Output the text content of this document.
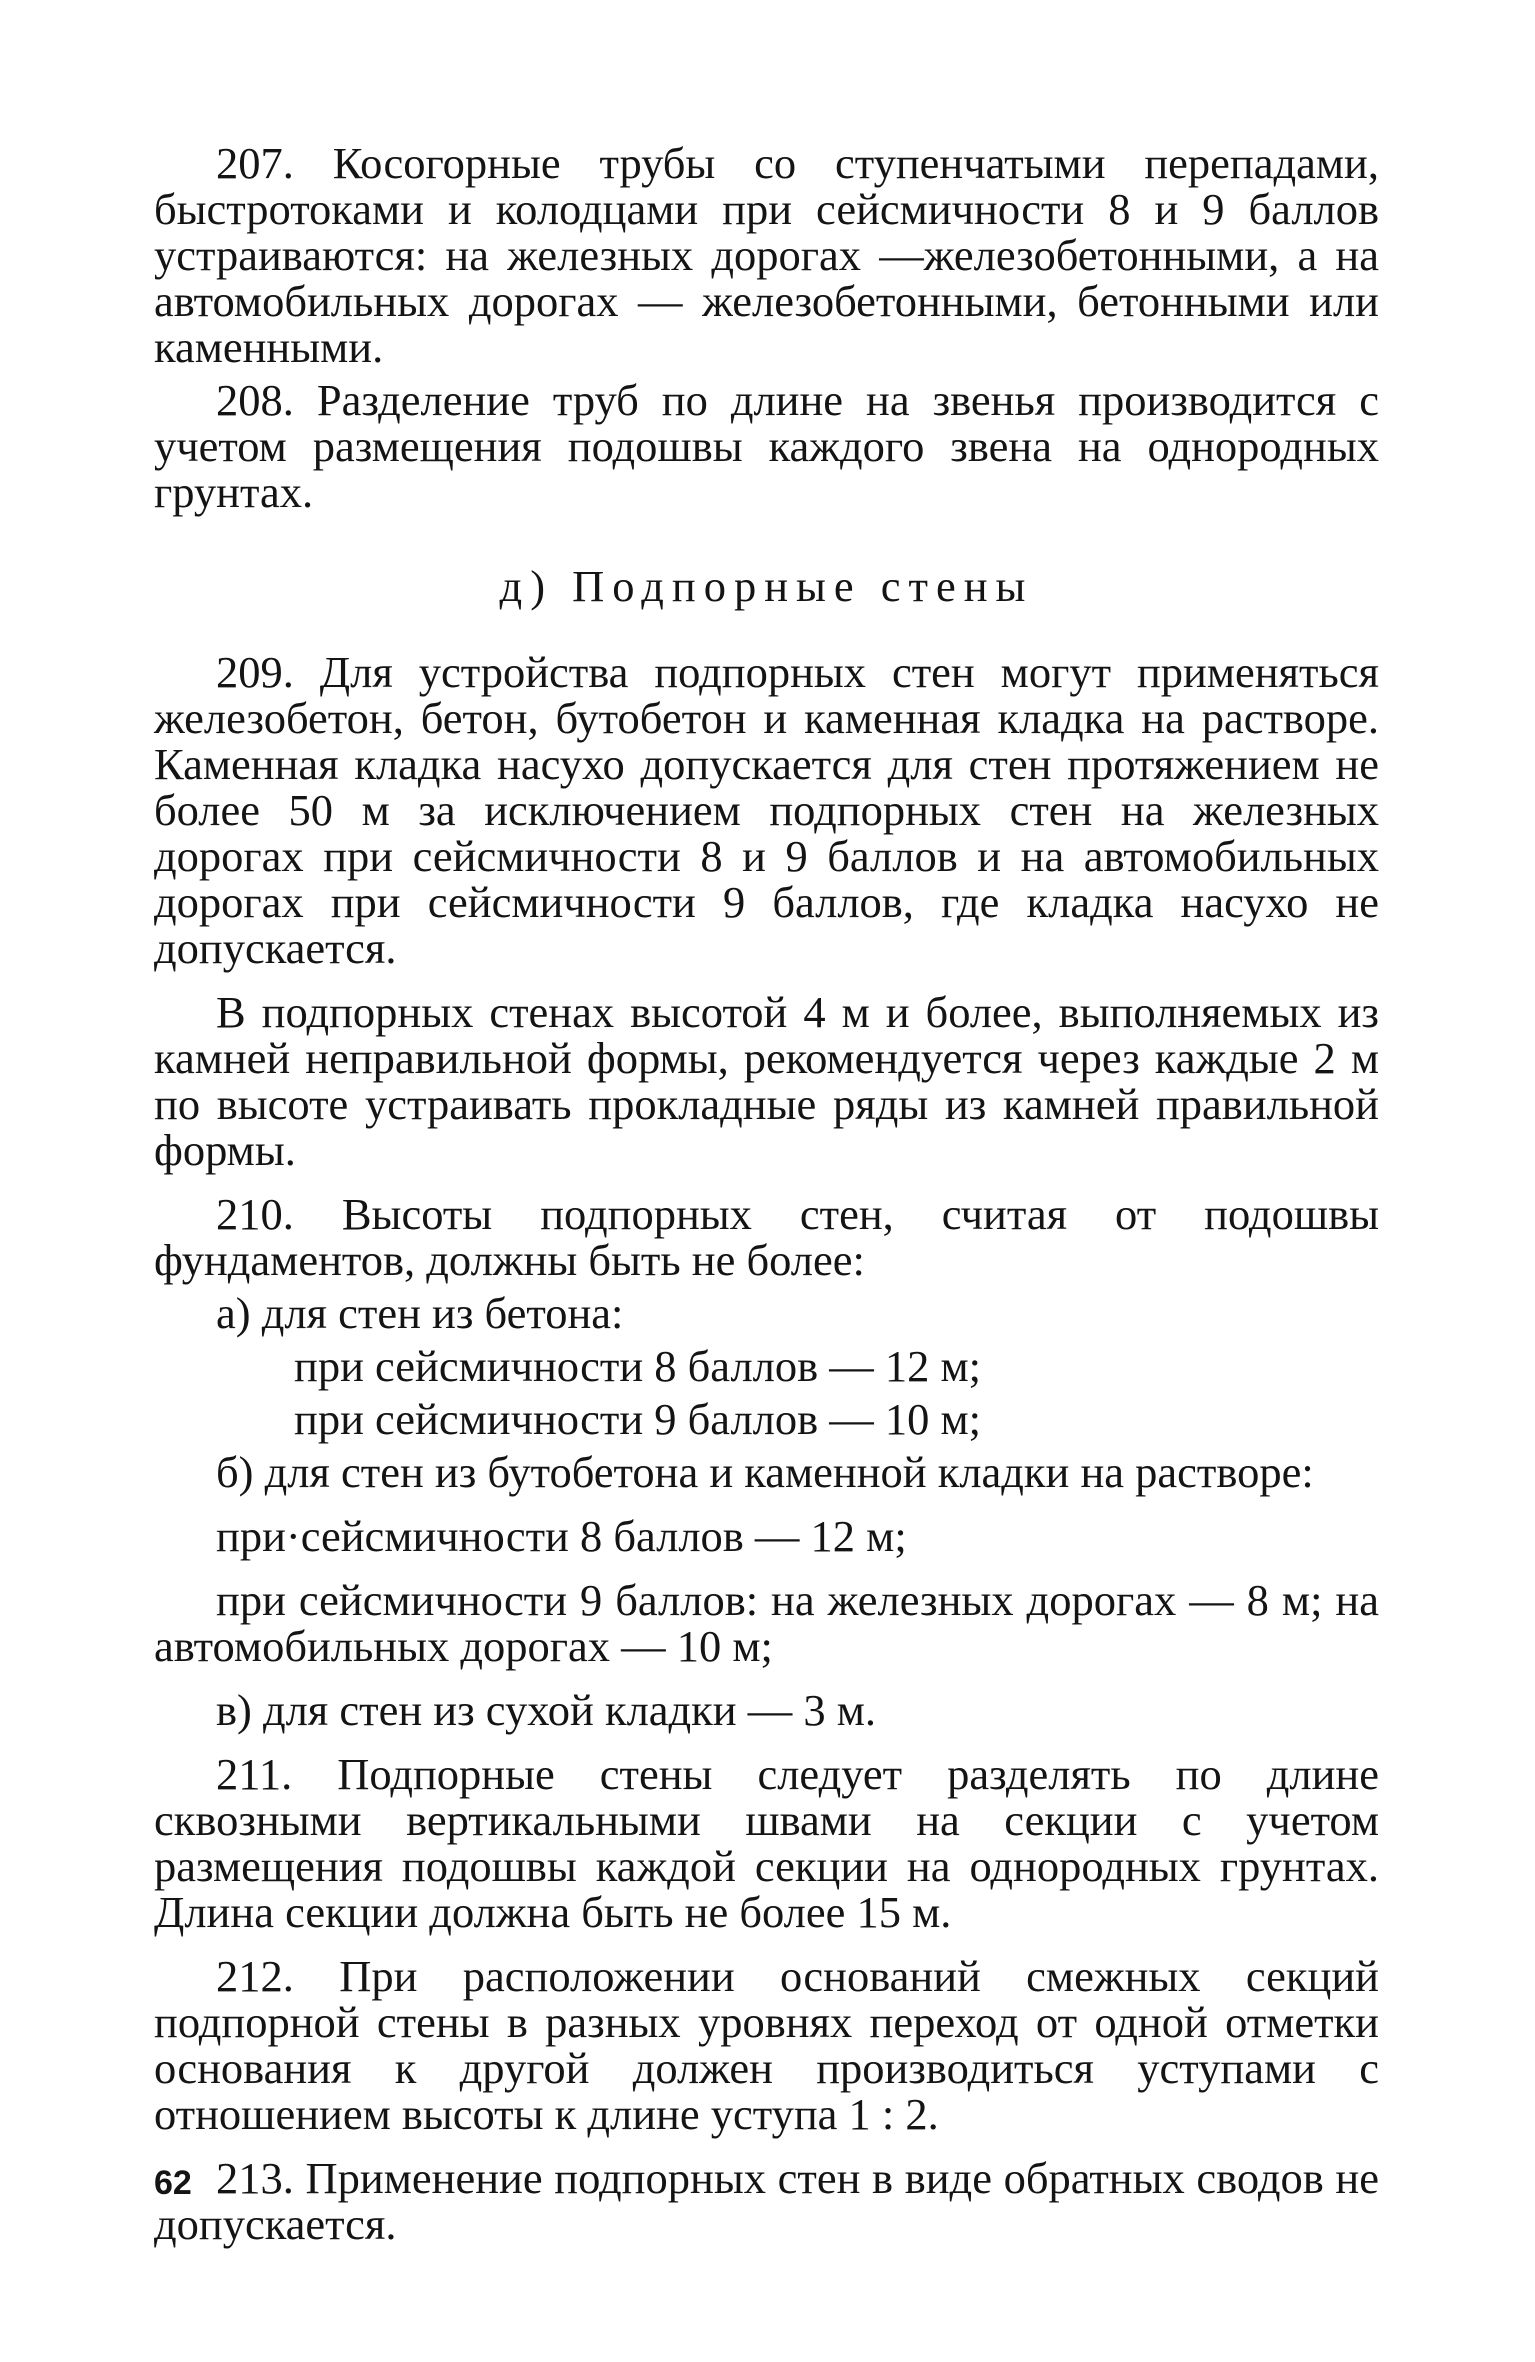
207. Косогорные трубы со ступенчатыми перепадами, быстротоками и колодцами при сейсмичности 8 и 9 баллов устраиваются: на железных дорогах —железобетонными, а на автомобильных дорогах — железобетонными, бетонными или каменными.

208. Разделение труб по длине на звенья производится с учетом размещения подошвы каждого звена на однородных грунтах.

д) Подпорные стены

209. Для устройства подпорных стен могут применяться железобетон, бетон, бутобетон и каменная кладка на растворе. Каменная кладка насухо допускается для стен протяжением не более 50 м за исключением подпорных стен на железных дорогах при сейсмичности 8 и 9 баллов и на автомобильных дорогах при сейсмичности 9 баллов, где кладка насухо не допускается.

В подпорных стенах высотой 4 м и более, выполняемых из камней неправильной формы, рекомендуется через каждые 2 м по высоте устраивать прокладные ряды из камней правильной формы.

210. Высоты подпорных стен, считая от подошвы фундаментов, должны быть не более:

а) для стен из бетона:

при сейсмичности 8 баллов — 12 м;

при сейсмичности 9 баллов — 10 м;

б) для стен из бутобетона и каменной кладки на растворе:

при·сейсмичности 8 баллов — 12 м;

при сейсмичности 9 баллов: на железных дорогах — 8 м; на автомобильных дорогах — 10 м;

в) для стен из сухой кладки — 3 м.

211. Подпорные стены следует разделять по длине сквозными вертикальными швами на секции с учетом размещения подошвы каждой секции на однородных грунтах. Длина секции должна быть не более 15 м.

212. При расположении оснований смежных секций подпорной стены в разных уровнях переход от одной отметки основания к другой должен производиться уступами с отношением высоты к длине уступа 1 : 2.

213. Применение подпорных стен в виде обратных сводов не допускается.

62
